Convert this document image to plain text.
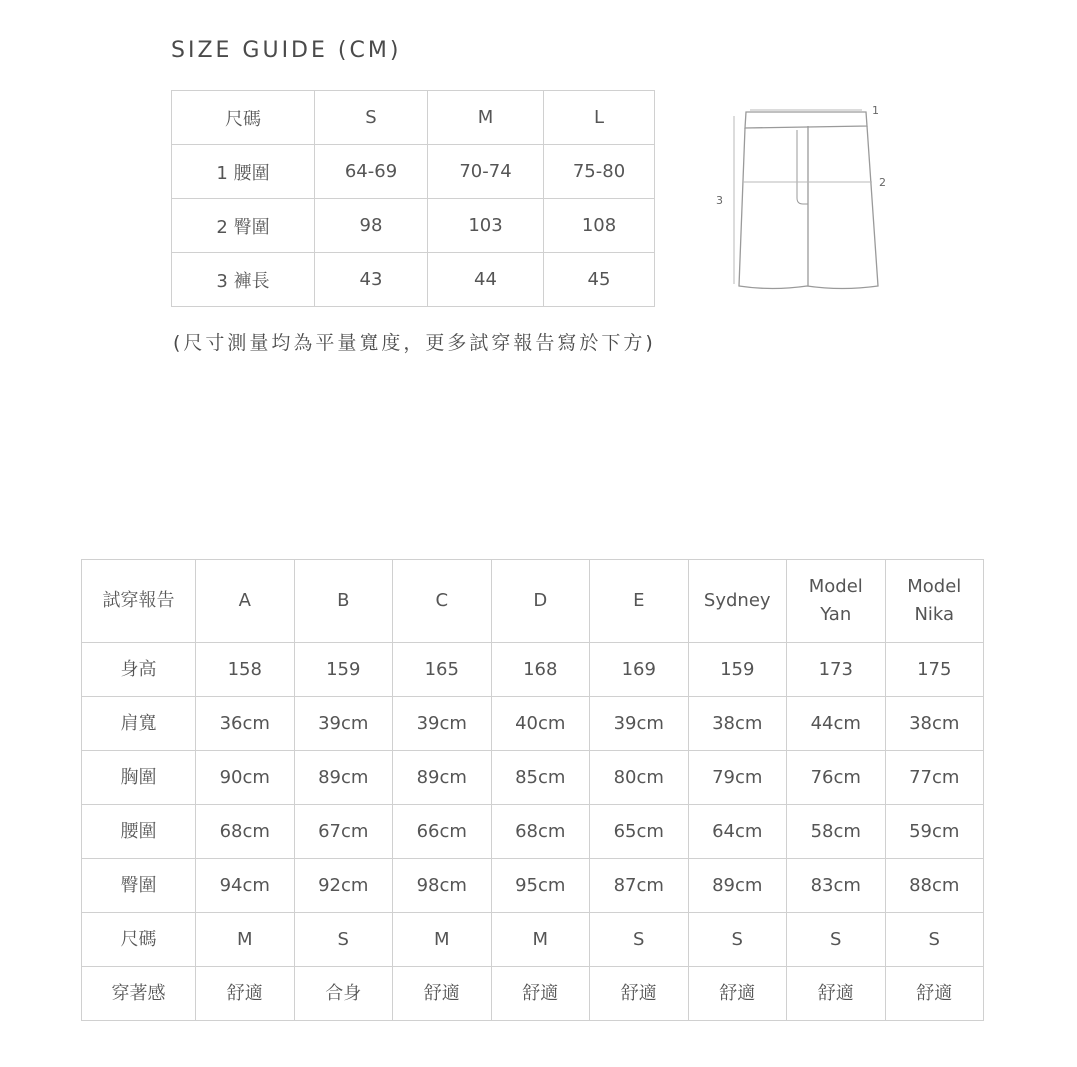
SIZE GUIDE (CM)
尺碼	S	M	L
1 腰圍	64-69	70-74	75-80
2 臀圍	98	103	108
3 褲長	43	44	45
1
2
3
(尺寸測量均為平量寬度，更多試穿報告寫於下方)
試穿報告	A	B	C	D	E	Sydney	Model Yan	Model Nika
身高	158	159	165	168	169	159	173	175
肩寬	36cm	39cm	39cm	40cm	39cm	38cm	44cm	38cm
胸圍	90cm	89cm	89cm	85cm	80cm	79cm	76cm	77cm
腰圍	68cm	67cm	66cm	68cm	65cm	64cm	58cm	59cm
臀圍	94cm	92cm	98cm	95cm	87cm	89cm	83cm	88cm
尺碼	M	S	M	M	S	S	S	S
穿著感	舒適	合身	舒適	舒適	舒適	舒適	舒適	舒適
